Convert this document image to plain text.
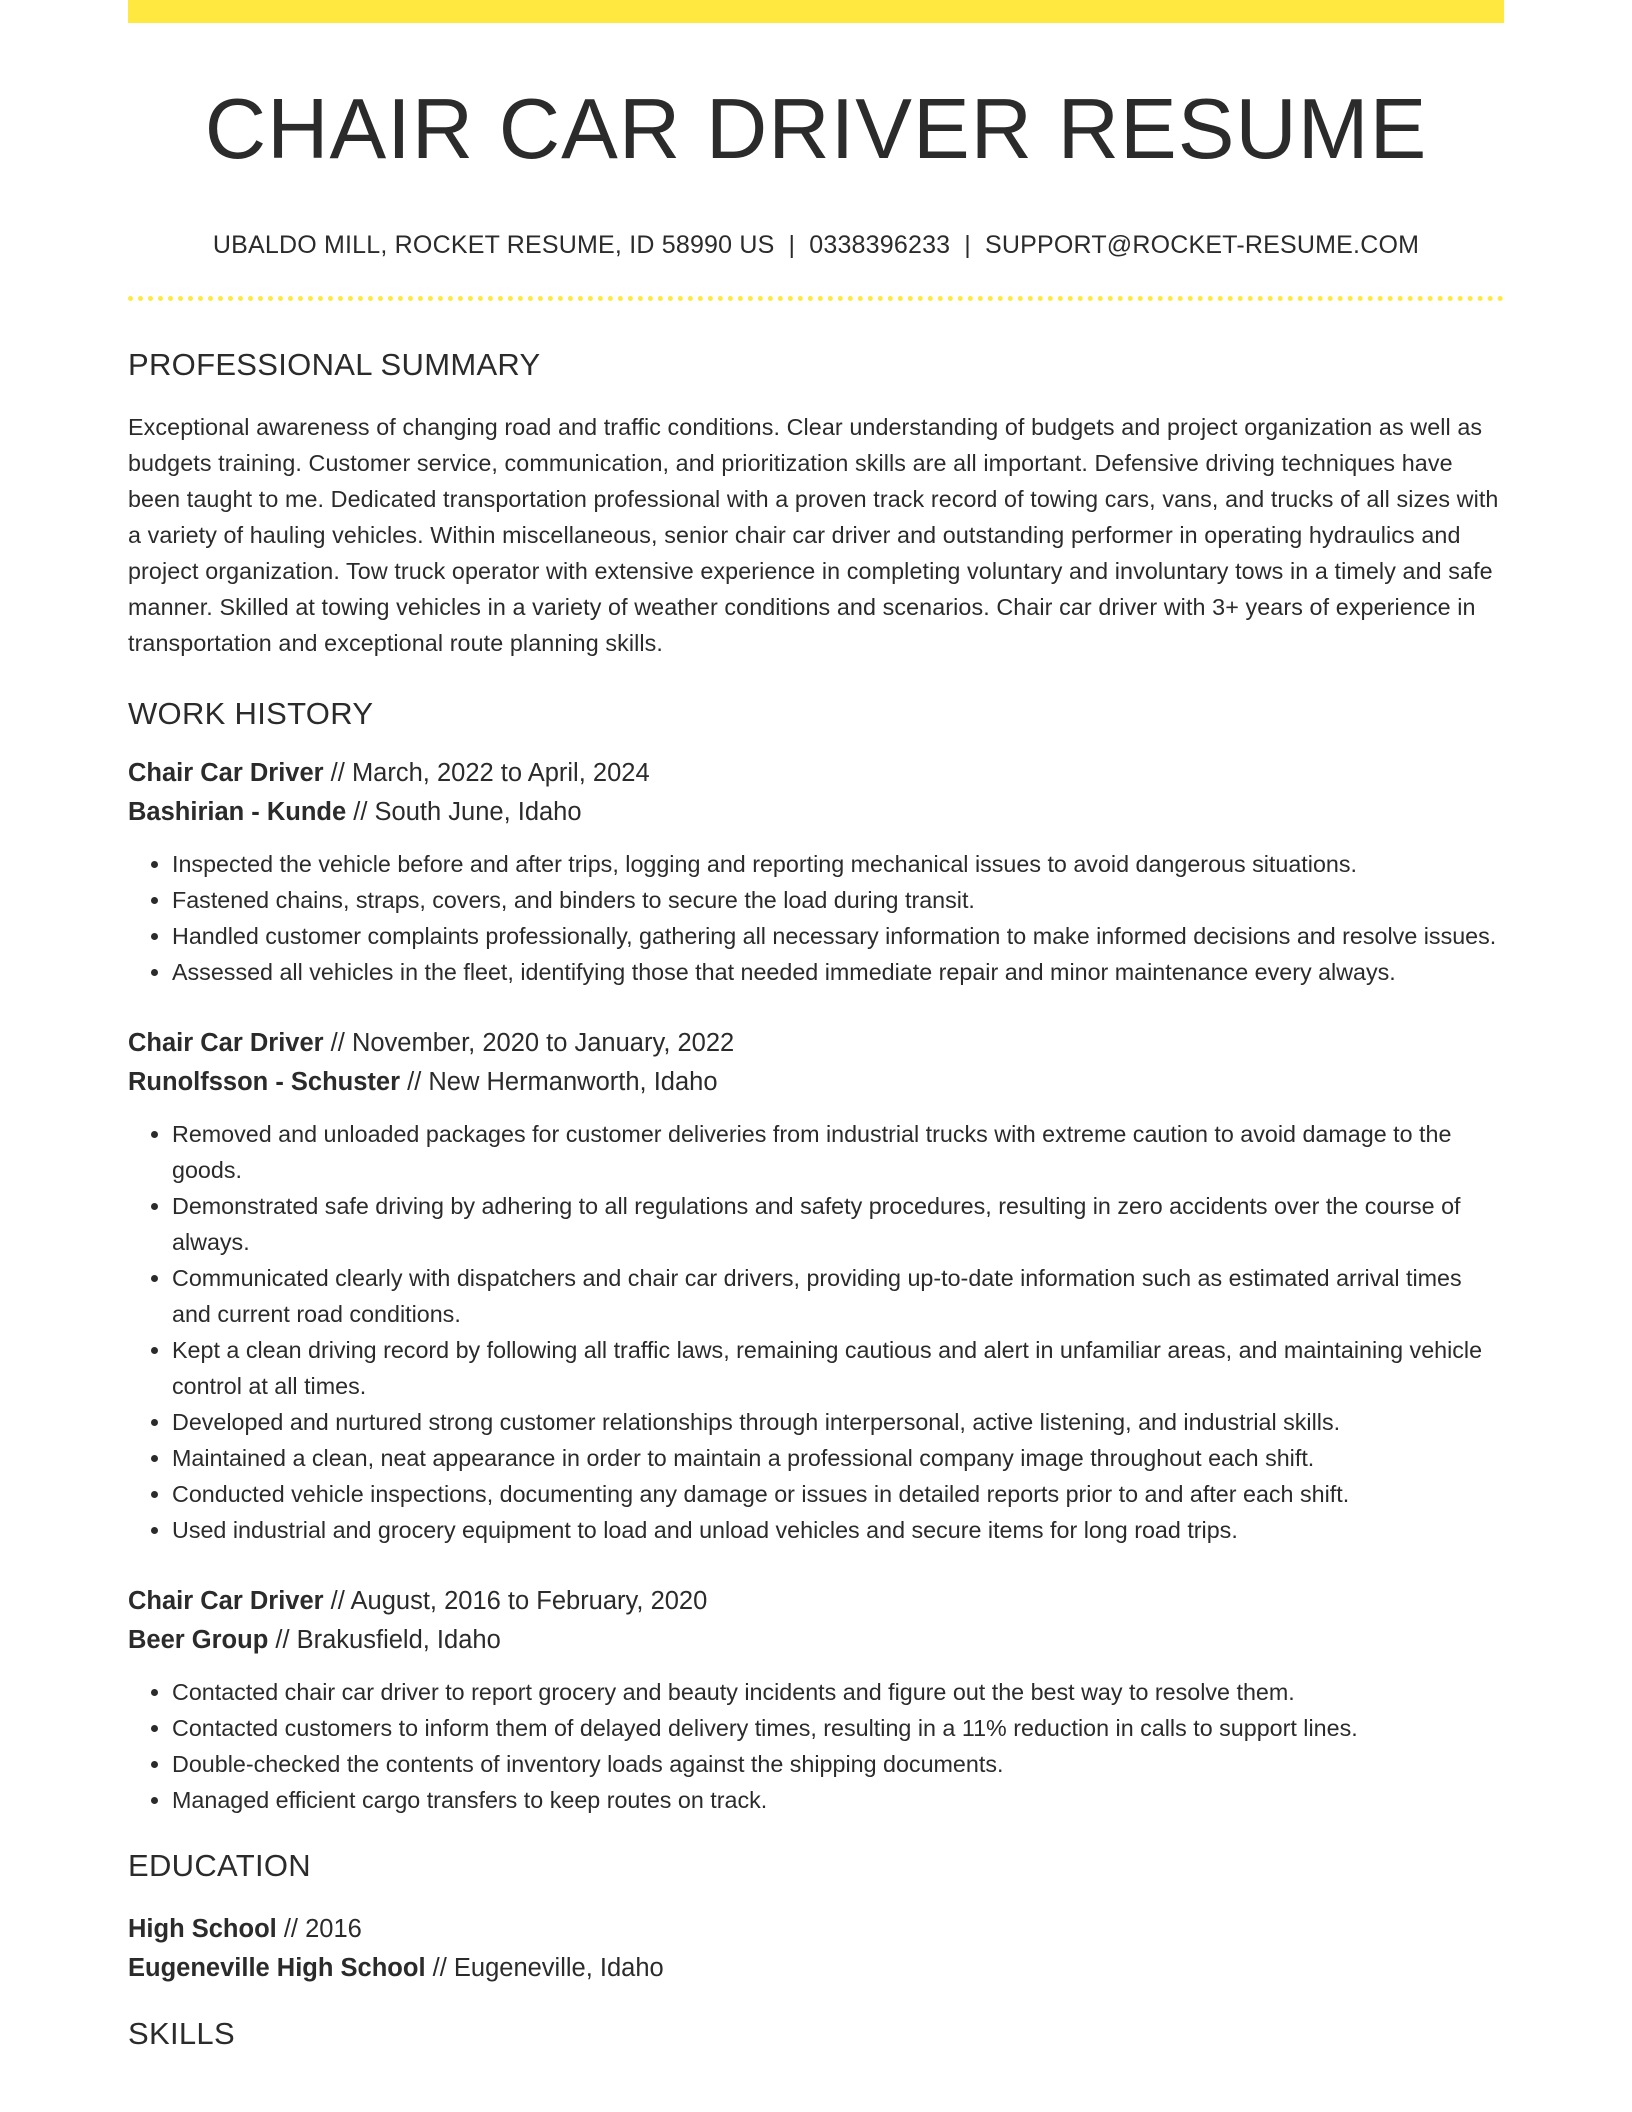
CHAIR CAR DRIVER RESUME
UBALDO MILL, ROCKET RESUME, ID 58990 US | 0338396233 | SUPPORT@ROCKET-RESUME.COM
PROFESSIONAL SUMMARY
Exceptional awareness of changing road and traffic conditions. Clear understanding of budgets and project organization as well as budgets training. Customer service, communication, and prioritization skills are all important. Defensive driving techniques have been taught to me. Dedicated transportation professional with a proven track record of towing cars, vans, and trucks of all sizes with a variety of hauling vehicles. Within miscellaneous, senior chair car driver and outstanding performer in operating hydraulics and project organization. Tow truck operator with extensive experience in completing voluntary and involuntary tows in a timely and safe manner. Skilled at towing vehicles in a variety of weather conditions and scenarios. Chair car driver with 3+ years of experience in transportation and exceptional route planning skills.
WORK HISTORY
Chair Car Driver // March, 2022 to April, 2024
Bashirian - Kunde // South June, Idaho
• Inspected the vehicle before and after trips, logging and reporting mechanical issues to avoid dangerous situations.
• Fastened chains, straps, covers, and binders to secure the load during transit.
• Handled customer complaints professionally, gathering all necessary information to make informed decisions and resolve issues.
• Assessed all vehicles in the fleet, identifying those that needed immediate repair and minor maintenance every always.
Chair Car Driver // November, 2020 to January, 2022
Runolfsson - Schuster // New Hermanworth, Idaho
• Removed and unloaded packages for customer deliveries from industrial trucks with extreme caution to avoid damage to the goods.
• Demonstrated safe driving by adhering to all regulations and safety procedures, resulting in zero accidents over the course of always.
• Communicated clearly with dispatchers and chair car drivers, providing up-to-date information such as estimated arrival times and current road conditions.
• Kept a clean driving record by following all traffic laws, remaining cautious and alert in unfamiliar areas, and maintaining vehicle control at all times.
• Developed and nurtured strong customer relationships through interpersonal, active listening, and industrial skills.
• Maintained a clean, neat appearance in order to maintain a professional company image throughout each shift.
• Conducted vehicle inspections, documenting any damage or issues in detailed reports prior to and after each shift.
• Used industrial and grocery equipment to load and unload vehicles and secure items for long road trips.
Chair Car Driver // August, 2016 to February, 2020
Beer Group // Brakusfield, Idaho
• Contacted chair car driver to report grocery and beauty incidents and figure out the best way to resolve them.
• Contacted customers to inform them of delayed delivery times, resulting in a 11% reduction in calls to support lines.
• Double-checked the contents of inventory loads against the shipping documents.
• Managed efficient cargo transfers to keep routes on track.
EDUCATION
High School // 2016
Eugeneville High School // Eugeneville, Idaho
SKILLS
